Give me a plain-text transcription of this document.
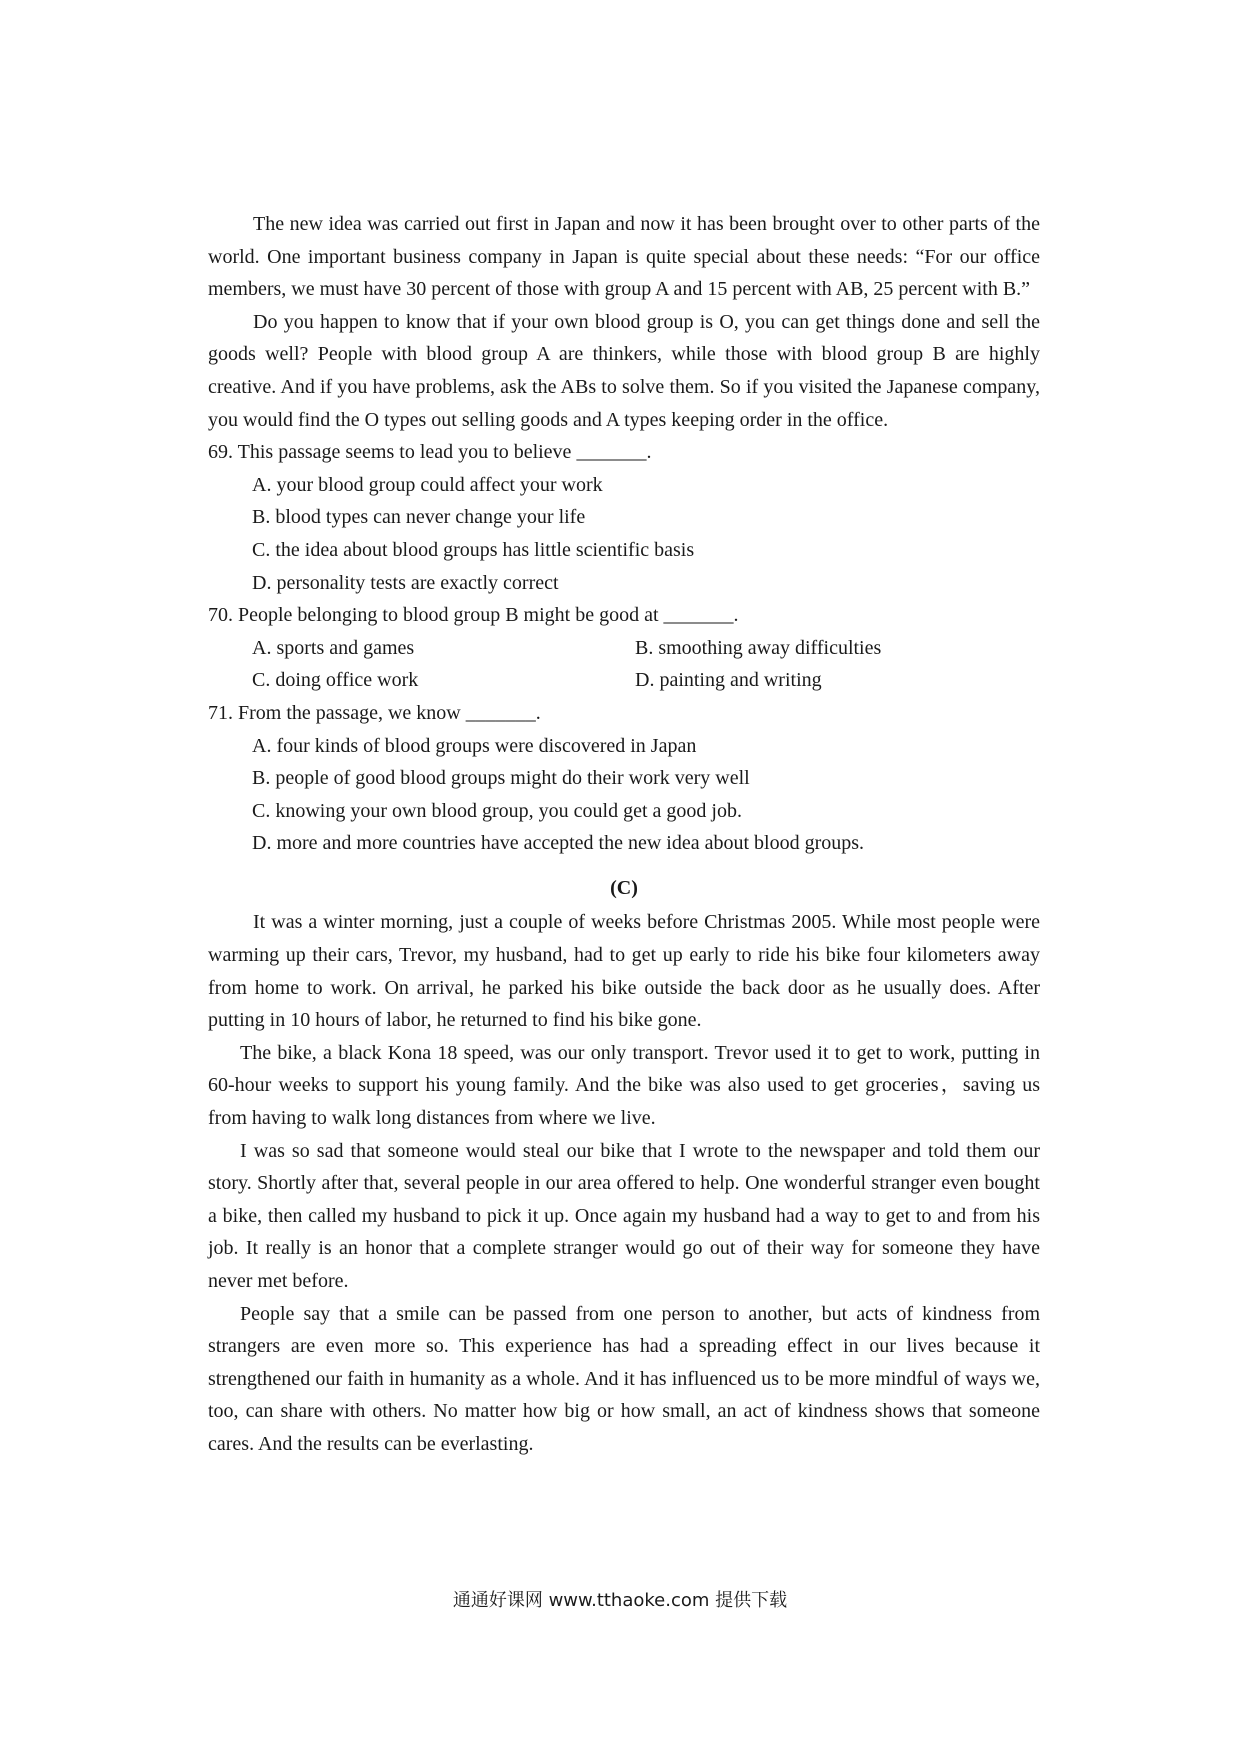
The new idea was carried out first in Japan and now it has been brought over to other parts of the world. One important business company in Japan is quite special about these needs: “For our office members, we must have 30 percent of those with group A and 15 percent with AB, 25 percent with B.”

Do you happen to know that if your own blood group is O, you can get things done and sell the goods well? People with blood group A are thinkers, while those with blood group B are highly creative. And if you have problems, ask the ABs to solve them. So if you visited the Japanese company, you would find the O types out selling goods and A types keeping order in the office.

69. This passage seems to lead you to believe _______.

A. your blood group could affect your work
B. blood types can never change your life
C. the idea about blood groups has little scientific basis
D. personality tests are exactly correct

70. People belonging to blood group B might be good at _______.

A. sports and games	B. smoothing away difficulties
C. doing office work	D. painting and writing

71. From the passage, we know _______.

A. four kinds of blood groups were discovered in Japan
B. people of good blood groups might do their work very well
C. knowing your own blood group, you could get a good job.
D. more and more countries have accepted the new idea about blood groups.
(C)

It was a winter morning, just a couple of weeks before Christmas 2005. While most people were warming up their cars, Trevor, my husband, had to get up early to ride his bike four kilometers away from home to work. On arrival, he parked his bike outside the back door as he usually does. After putting in 10 hours of labor, he returned to find his bike gone.

The bike, a black Kona 18 speed, was our only transport. Trevor used it to get to work, putting in 60-hour weeks to support his young family. And the bike was also used to get groceries，saving us from having to walk long distances from where we live.

I was so sad that someone would steal our bike that I wrote to the newspaper and told them our story. Shortly after that, several people in our area offered to help. One wonderful stranger even bought a bike, then called my husband to pick it up. Once again my husband had a way to get to and from his job. It really is an honor that a complete stranger would go out of their way for someone they have never met before.

People say that a smile can be passed from one person to another, but acts of kindness from strangers are even more so. This experience has had a spreading effect in our lives because it strengthened our faith in humanity as a whole. And it has influenced us to be more mindful of ways we, too, can share with others. No matter how big or how small, an act of kindness shows that someone cares. And the results can be everlasting.

通通好课网 www.tthaoke.com 提供下载
